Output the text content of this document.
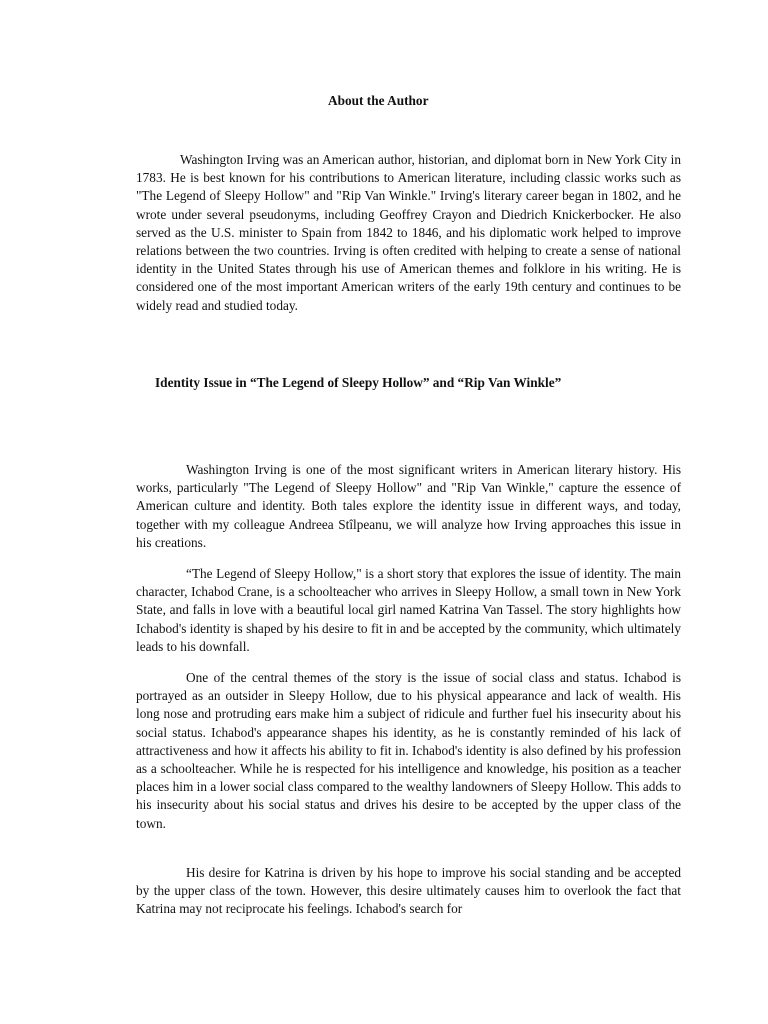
About the Author

Washington Irving was an American author, historian, and diplomat born in New York City in 1783. He is best known for his contributions to American literature, including classic works such as "The Legend of Sleepy Hollow" and "Rip Van Winkle." Irving's literary career began in 1802, and he wrote under several pseudonyms, including Geoffrey Crayon and Diedrich Knickerbocker. He also served as the U.S. minister to Spain from 1842 to 1846, and his diplomatic work helped to improve relations between the two countries. Irving is often credited with helping to create a sense of national identity in the United States through his use of American themes and folklore in his writing. He is considered one of the most important American writers of the early 19th century and continues to be widely read and studied today.

Identity Issue in “The Legend of Sleepy Hollow” and “Rip Van Winkle”

Washington Irving is one of the most significant writers in American literary history. His works, particularly "The Legend of Sleepy Hollow" and "Rip Van Winkle," capture the essence of American culture and identity. Both tales explore the identity issue in different ways, and today, together with my colleague Andreea Stîlpeanu, we will analyze how Irving approaches this issue in his creations.

“The Legend of Sleepy Hollow," is a short story that explores the issue of identity. The main character, Ichabod Crane, is a schoolteacher who arrives in Sleepy Hollow, a small town in New York State, and falls in love with a beautiful local girl named Katrina Van Tassel. The story highlights how Ichabod's identity is shaped by his desire to fit in and be accepted by the community, which ultimately leads to his downfall.

One of the central themes of the story is the issue of social class and status. Ichabod is portrayed as an outsider in Sleepy Hollow, due to his physical appearance and lack of wealth. His long nose and protruding ears make him a subject of ridicule and further fuel his insecurity about his social status. Ichabod's appearance shapes his identity, as he is constantly reminded of his lack of attractiveness and how it affects his ability to fit in. Ichabod's identity is also defined by his profession as a schoolteacher. While he is respected for his intelligence and knowledge, his position as a teacher places him in a lower social class compared to the wealthy landowners of Sleepy Hollow. This adds to his insecurity about his social status and drives his desire to be accepted by the upper class of the town.

His desire for Katrina is driven by his hope to improve his social standing and be accepted by the upper class of the town. However, this desire ultimately causes him to overlook the fact that Katrina may not reciprocate his feelings. Ichabod's search for
